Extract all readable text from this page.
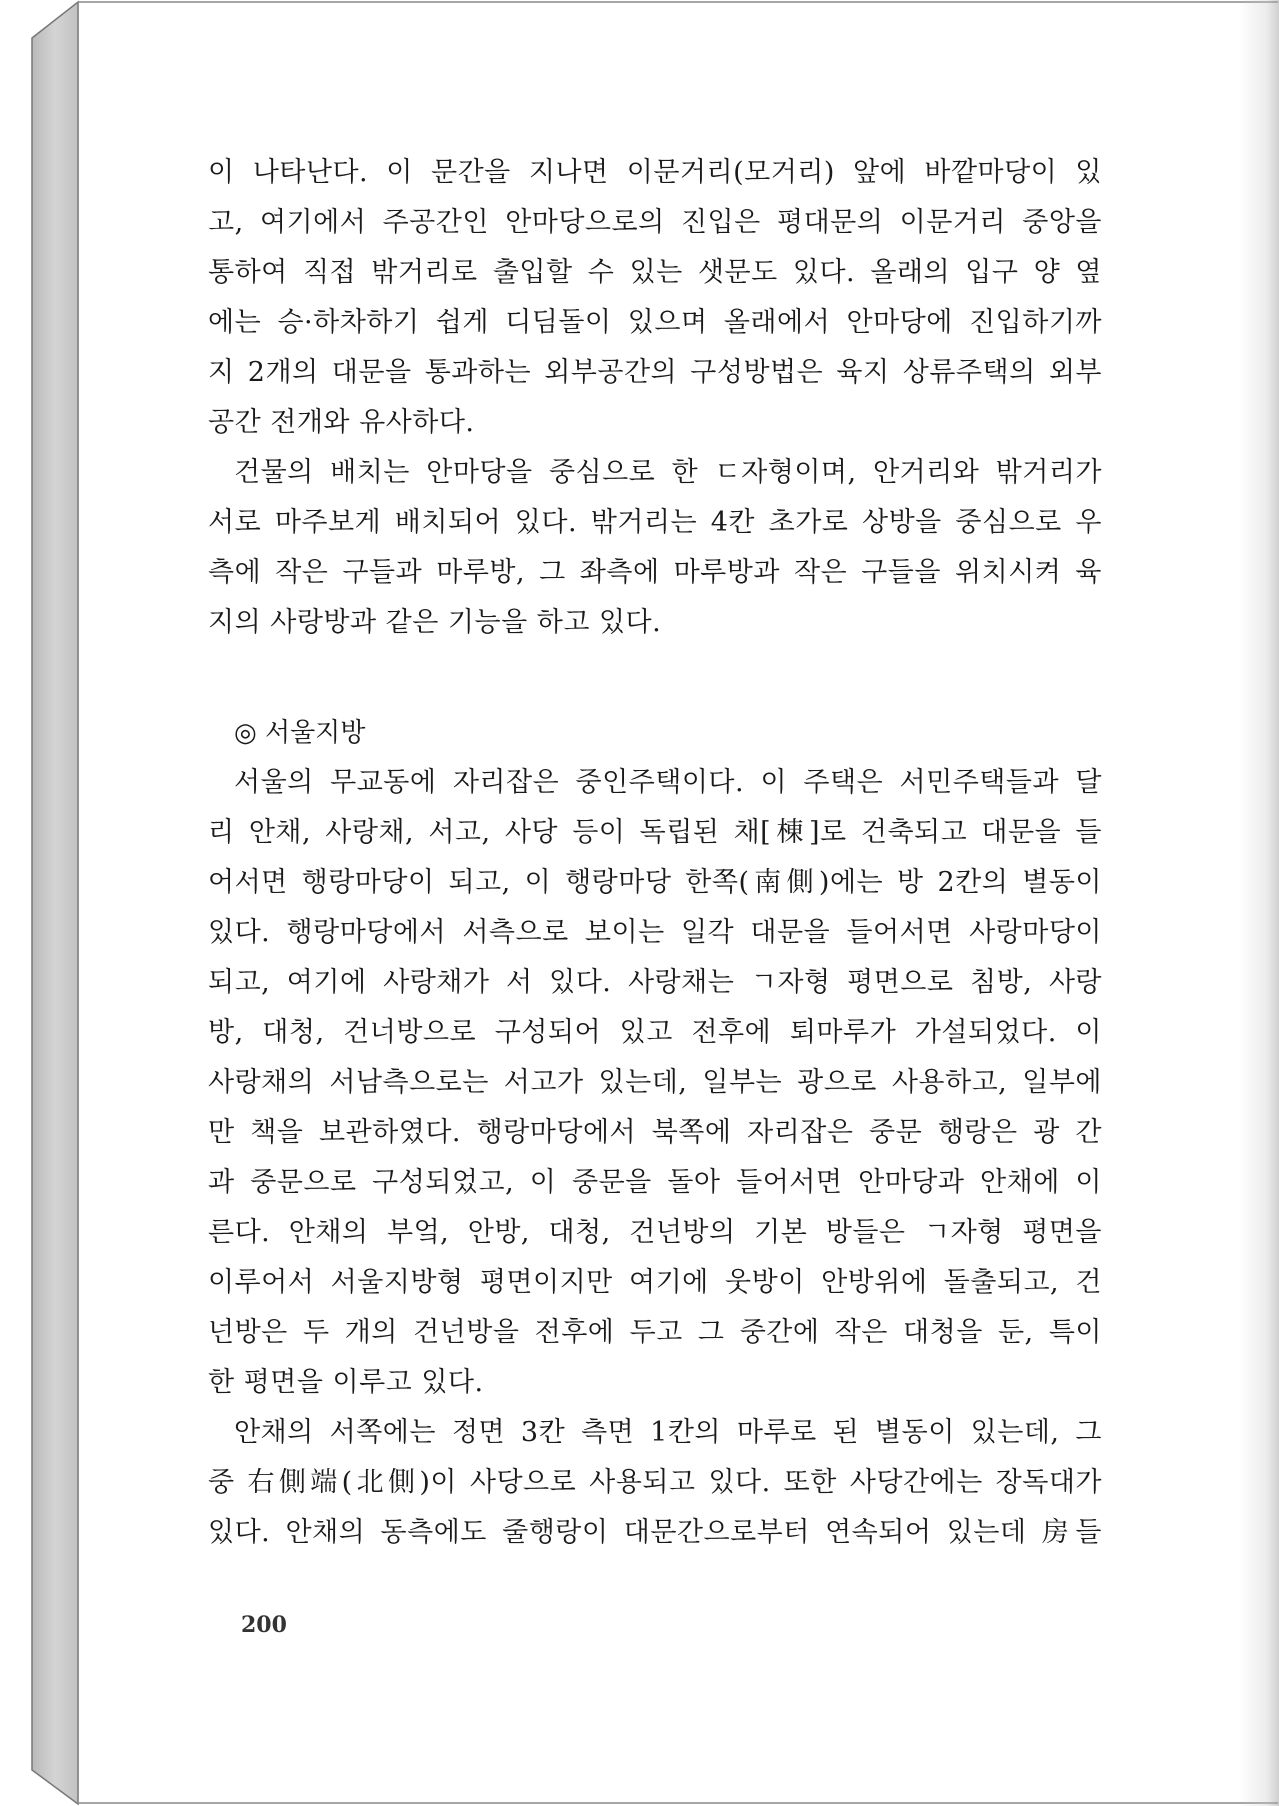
이 나타난다. 이 문간을 지나면 이문거리(모거리) 앞에 바깥마당이 있
고, 여기에서 주공간인 안마당으로의 진입은 평대문의 이문거리 중앙을
통하여 직접 밖거리로 출입할 수 있는 샛문도 있다. 올래의 입구 양 옆
에는 승·하차하기 쉽게 디딤돌이 있으며 올래에서 안마당에 진입하기까
지 2개의 대문을 통과하는 외부공간의 구성방법은 육지 상류주택의 외부
공간 전개와 유사하다.
건물의 배치는 안마당을 중심으로 한 ㄷ자형이며, 안거리와 밖거리가
서로 마주보게 배치되어 있다. 밖거리는 4칸 초가로 상방을 중심으로 우
측에 작은 구들과 마루방, 그 좌측에 마루방과 작은 구들을 위치시켜 육
지의 사랑방과 같은 기능을 하고 있다.
◎ 서울지방
서울의 무교동에 자리잡은 중인주택이다. 이 주택은 서민주택들과 달
리 안채, 사랑채, 서고, 사당 등이 독립된 채[棟]로 건축되고 대문을 들
어서면 행랑마당이 되고, 이 행랑마당 한쪽(南側)에는 방 2칸의 별동이
있다. 행랑마당에서 서측으로 보이는 일각 대문을 들어서면 사랑마당이
되고, 여기에 사랑채가 서 있다. 사랑채는 ㄱ자형 평면으로 침방, 사랑
방, 대청, 건너방으로 구성되어 있고 전후에 퇴마루가 가설되었다. 이
사랑채의 서남측으로는 서고가 있는데, 일부는 광으로 사용하고, 일부에
만 책을 보관하였다. 행랑마당에서 북쪽에 자리잡은 중문 행랑은 광 간
과 중문으로 구성되었고, 이 중문을 돌아 들어서면 안마당과 안채에 이
른다. 안채의 부엌, 안방, 대청, 건넌방의 기본 방들은 ㄱ자형 평면을
이루어서 서울지방형 평면이지만 여기에 웃방이 안방위에 돌출되고, 건
넌방은 두 개의 건넌방을 전후에 두고 그 중간에 작은 대청을 둔, 특이
한 평면을 이루고 있다.
안채의 서쪽에는 정면 3칸 측면 1칸의 마루로 된 별동이 있는데, 그
중 右側端(北側)이 사당으로 사용되고 있다. 또한 사당간에는 장독대가
있다. 안채의 동측에도 줄행랑이 대문간으로부터 연속되어 있는데 房들
200
